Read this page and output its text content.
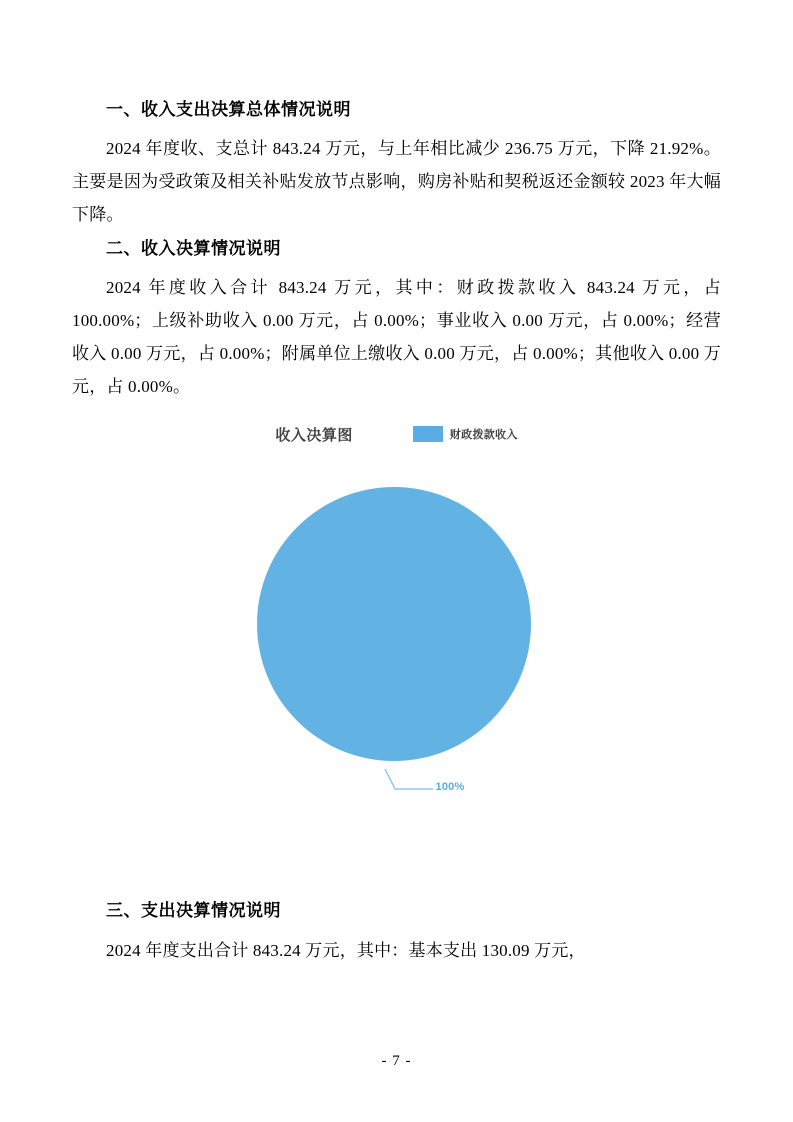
一、收入支出决算总体情况说明

2024 年度收、支总计 843.24 万元，与上年相比减少 236.75 万元，下降 21.92%。主要是因为受政策及相关补贴发放节点影响，购房补贴和契税返还金额较 2023 年大幅下降。

二、收入决算情况说明

2024 年度收入合计 843.24 万元，其中：财政拨款收入 843.24 万元，占 100.00%；上级补助收入 0.00 万元，占 0.00%；事业收入 0.00 万元，占 0.00%；经营收入 0.00 万元，占 0.00%；附属单位上缴收入 0.00 万元，占 0.00%；其他收入 0.00 万元，占 0.00%。

收入决算图	财政拨款收入
100%
三、支出决算情况说明

2024 年度支出合计 843.24 万元，其中：基本支出 130.09 万元，

- 7 -
